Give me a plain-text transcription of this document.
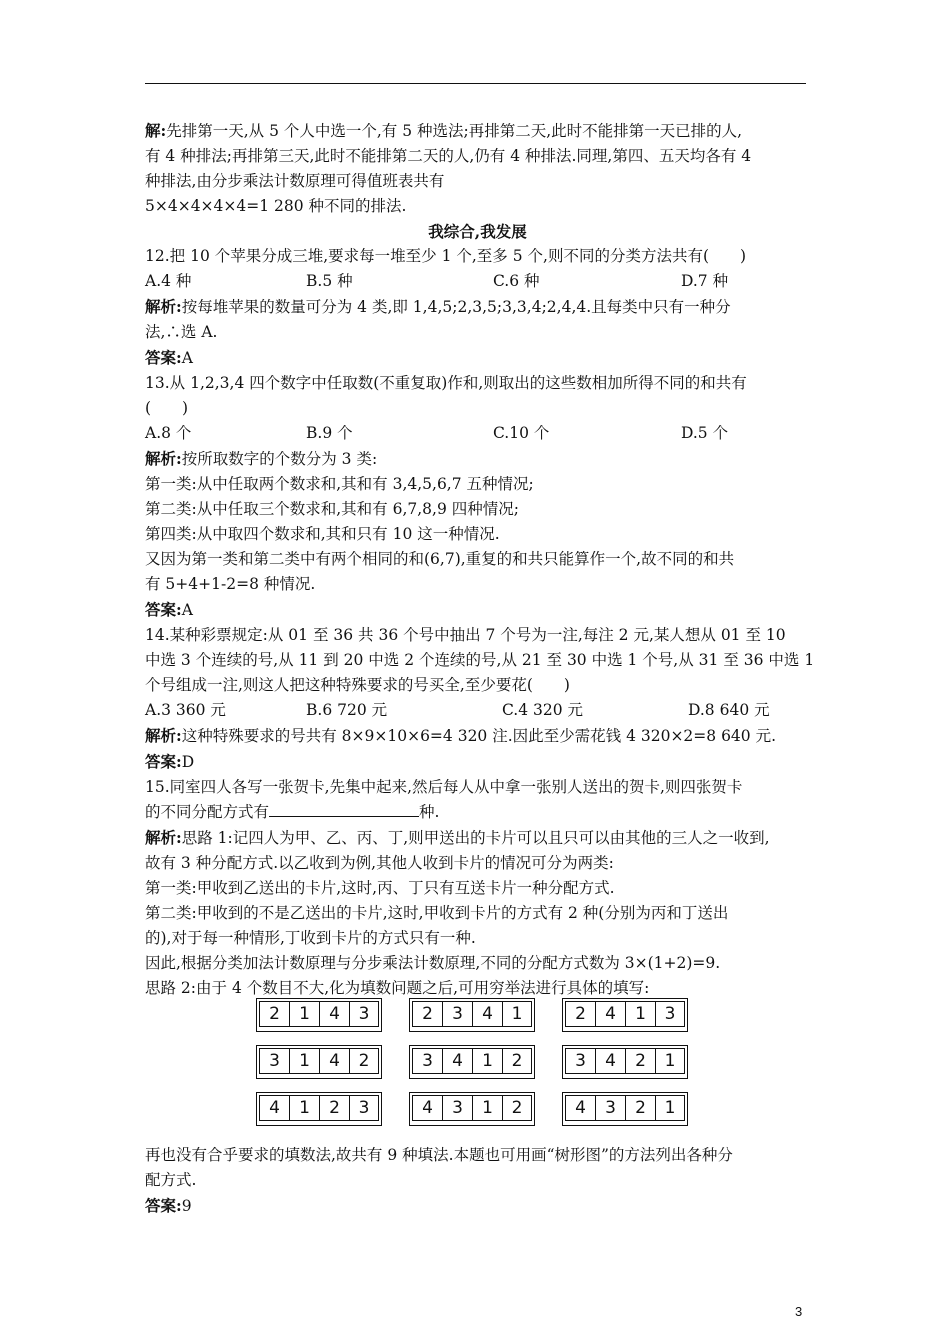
解:先排第一天,从 5 个人中选一个,有 5 种选法;再排第二天,此时不能排第一天已排的人,
有 4 种排法;再排第三天,此时不能排第二天的人,仍有 4 种排法.同理,第四、五天均各有 4
种排法,由分步乘法计数原理可得值班表共有
5×4×4×4×4=1 280 种不同的排法.
我综合,我发展
12.把 10 个苹果分成三堆,要求每一堆至少 1 个,至多 5 个,则不同的分类方法共有(　　)
A.4 种	B.5 种	C.6 种	D.7 种
解析:按每堆苹果的数量可分为 4 类,即 1,4,5;2,3,5;3,3,4;2,4,4.且每类中只有一种分
法,∴选 A.
答案:A
13.从 1,2,3,4 四个数字中任取数(不重复取)作和,则取出的这些数相加所得不同的和共有
(　　)
A.8 个	B.9 个	C.10 个	D.5 个
解析:按所取数字的个数分为 3 类:
第一类:从中任取两个数求和,其和有 3,4,5,6,7 五种情况;
第二类:从中任取三个数求和,其和有 6,7,8,9 四种情况;
第四类:从中取四个数求和,其和只有 10 这一种情况.
又因为第一类和第二类中有两个相同的和(6,7),重复的和共只能算作一个,故不同的和共
有 5+4+1-2=8 种情况.
答案:A
14.某种彩票规定:从 01 至 36 共 36 个号中抽出 7 个号为一注,每注 2 元,某人想从 01 至 10
中选 3 个连续的号,从 11 到 20 中选 2 个连续的号,从 21 至 30 中选 1 个号,从 31 至 36 中选 1
个号组成一注,则这人把这种特殊要求的号买全,至少要花(　　)
A.3 360 元	B.6 720 元	C.4 320 元	D.8 640 元
解析:这种特殊要求的号共有 8×9×10×6=4 320 注.因此至少需花钱 4 320×2=8 640 元.
答案:D
15.同室四人各写一张贺卡,先集中起来,然后每人从中拿一张别人送出的贺卡,则四张贺卡
的不同分配方式有	种.
解析:思路 1:记四人为甲、乙、丙、丁,则甲送出的卡片可以且只可以由其他的三人之一收到,
故有 3 种分配方式.以乙收到为例,其他人收到卡片的情况可分为两类:
第一类:甲收到乙送出的卡片,这时,丙、丁只有互送卡片一种分配方式.
第二类:甲收到的不是乙送出的卡片,这时,甲收到卡片的方式有 2 种(分别为丙和丁送出
的),对于每一种情形,丁收到卡片的方式只有一种.
因此,根据分类加法计数原理与分步乘法计数原理,不同的分配方式数为 3×(1+2)=9.
思路 2:由于 4 个数目不大,化为填数问题之后,可用穷举法进行具体的填写:
2	1	4	3	2	3	4	1	2	4	1	3
3	1	4	2	3	4	1	2	3	4	2	1
4	1	2	3	4	3	1	2	4	3	2	1
再也没有合乎要求的填数法,故共有 9 种填法.本题也可用画“树形图”的方法列出各种分
配方式.
答案:9
3
